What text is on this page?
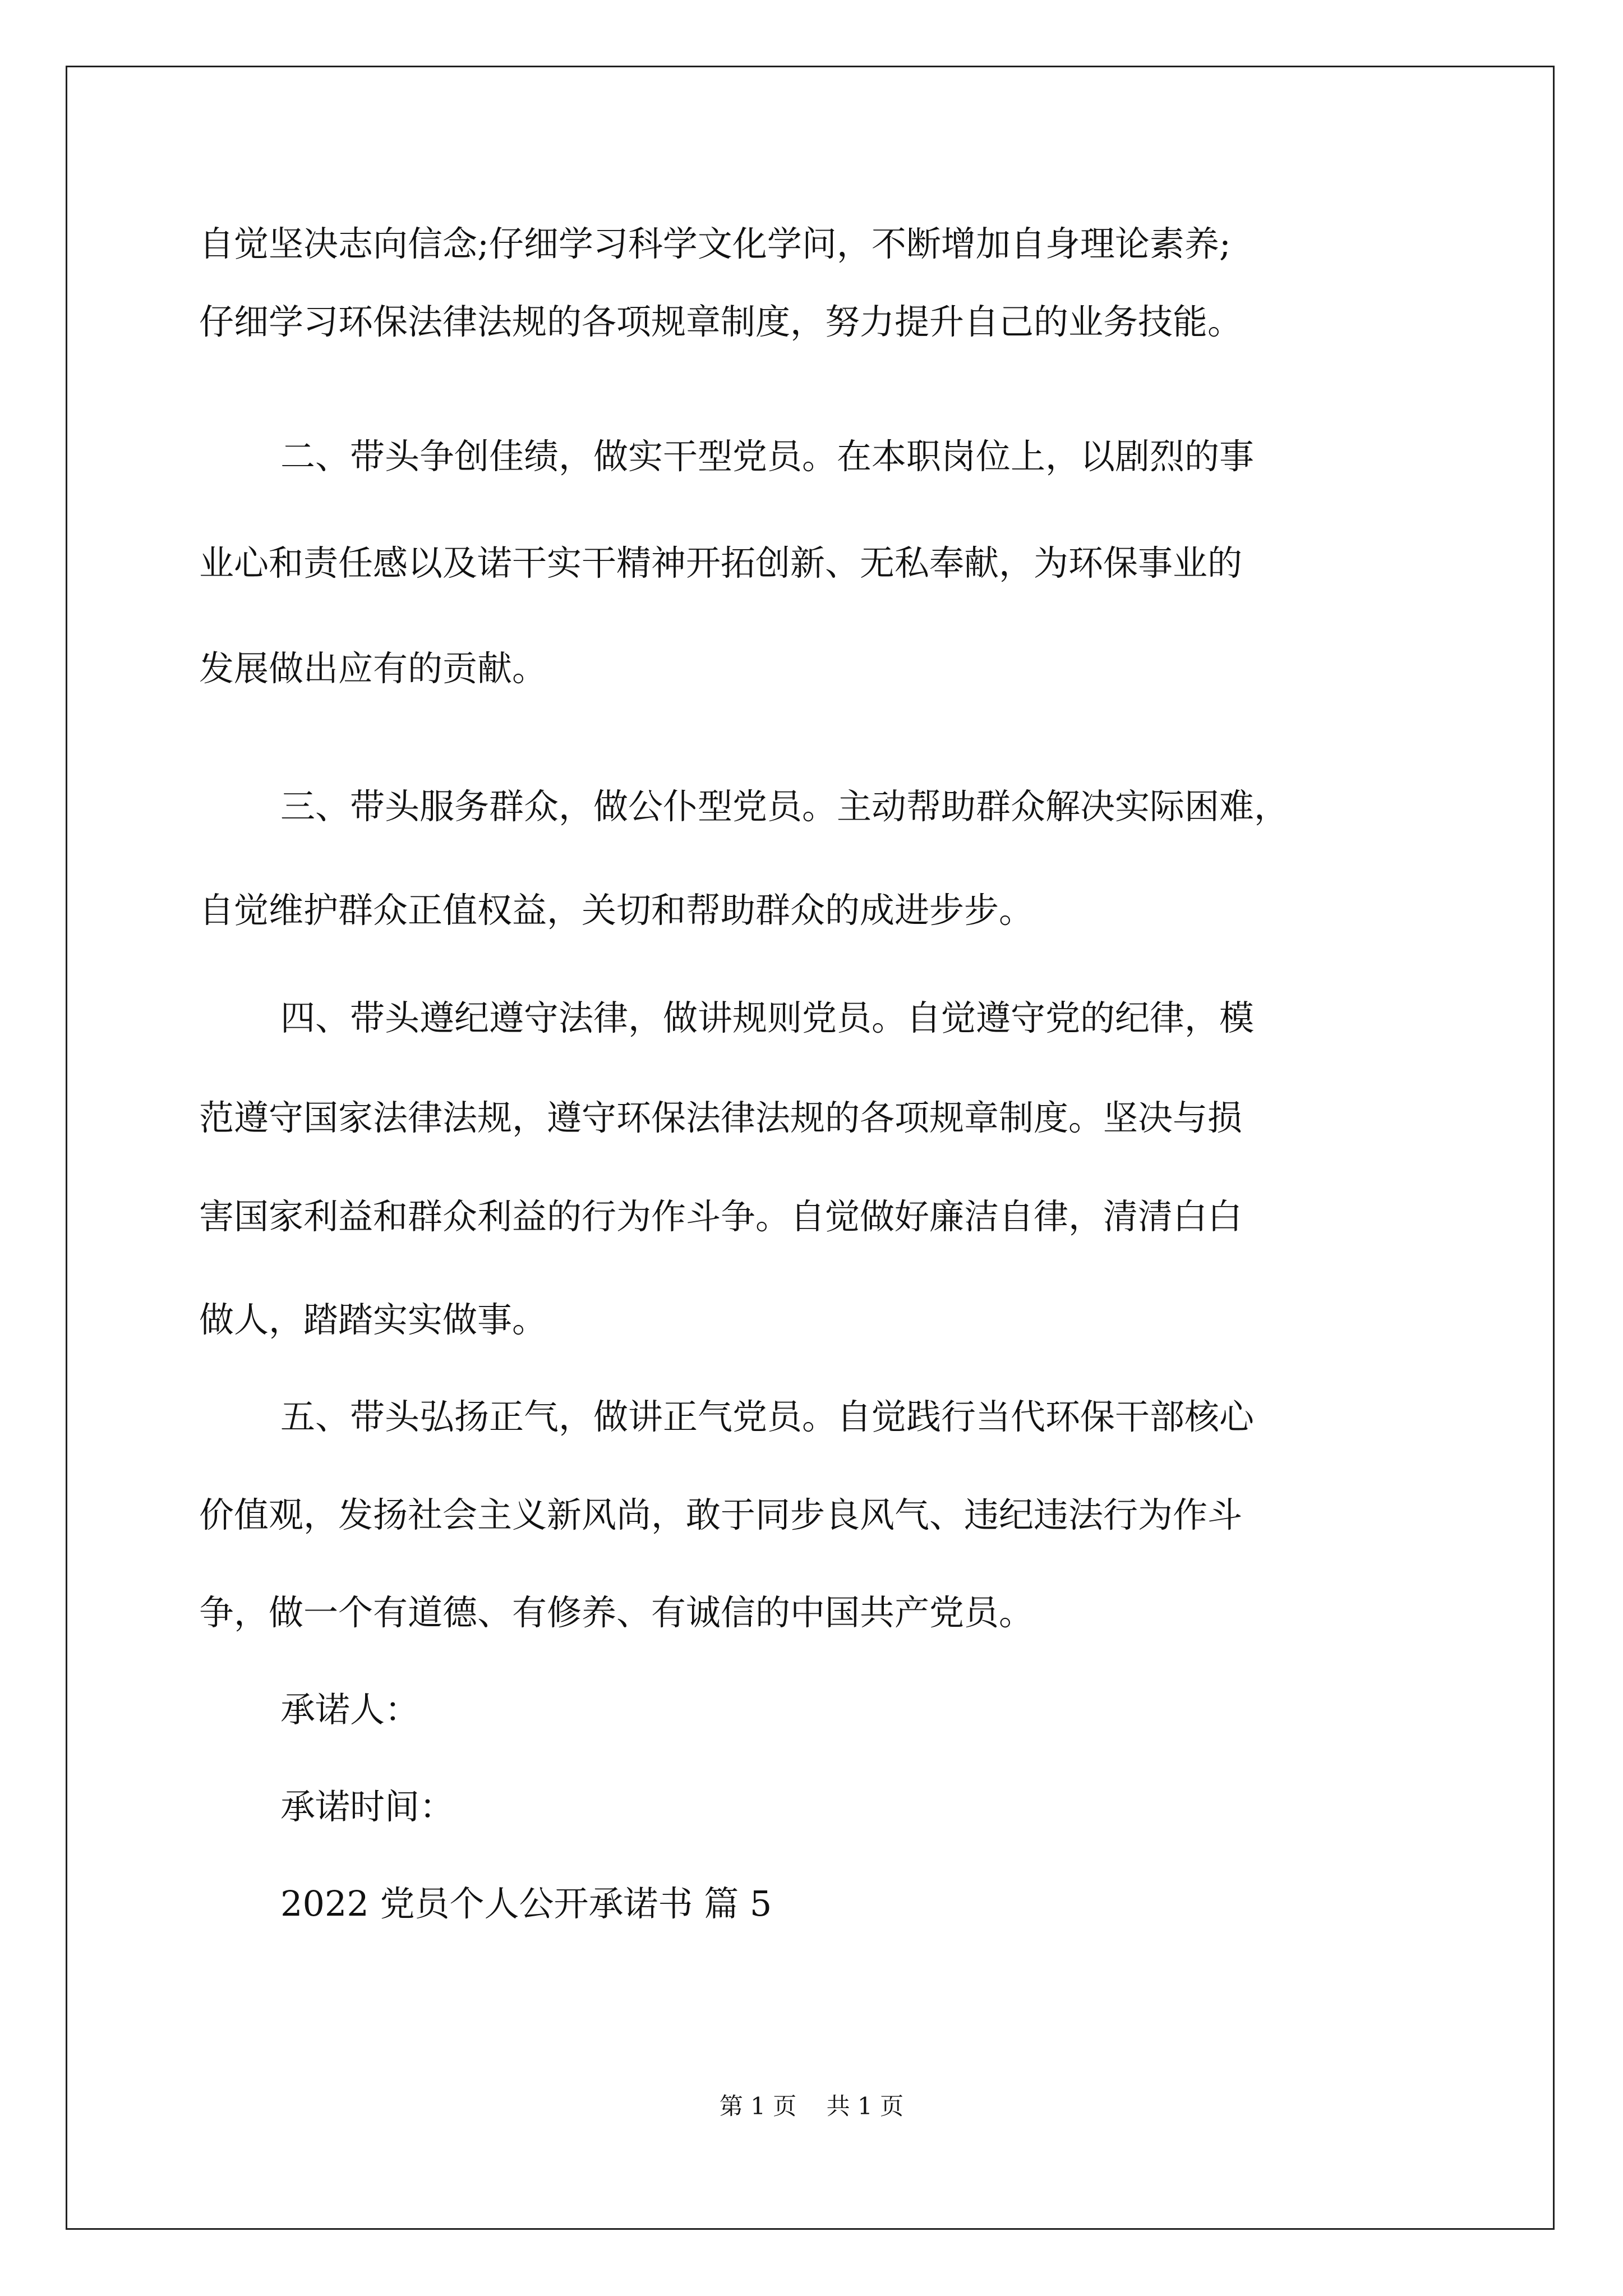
自觉坚决志向信念;仔细学习科学文化学问，不断增加自身理论素养;
仔细学习环保法律法规的各项规章制度，努力提升自己的业务技能。
二、带头争创佳绩，做实干型党员。在本职岗位上，以剧烈的事
业心和责任感以及诺干实干精神开拓创新、无私奉献，为环保事业的
发展做出应有的贡献。
三、带头服务群众，做公仆型党员。主动帮助群众解决实际困难，
自觉维护群众正值权益，关切和帮助群众的成进步步。
四、带头遵纪遵守法律，做讲规则党员。自觉遵守党的纪律，模
范遵守国家法律法规，遵守环保法律法规的各项规章制度。坚决与损
害国家利益和群众利益的行为作斗争。自觉做好廉洁自律，清清白白
做人，踏踏实实做事。
五、带头弘扬正气，做讲正气党员。自觉践行当代环保干部核心
价值观，发扬社会主义新风尚，敢于同步良风气、违纪违法行为作斗
争，做一个有道德、有修养、有诚信的中国共产党员。
承诺人：
承诺时间：
2022 党员个人公开承诺书 篇 5
第 1 页 共 1 页
